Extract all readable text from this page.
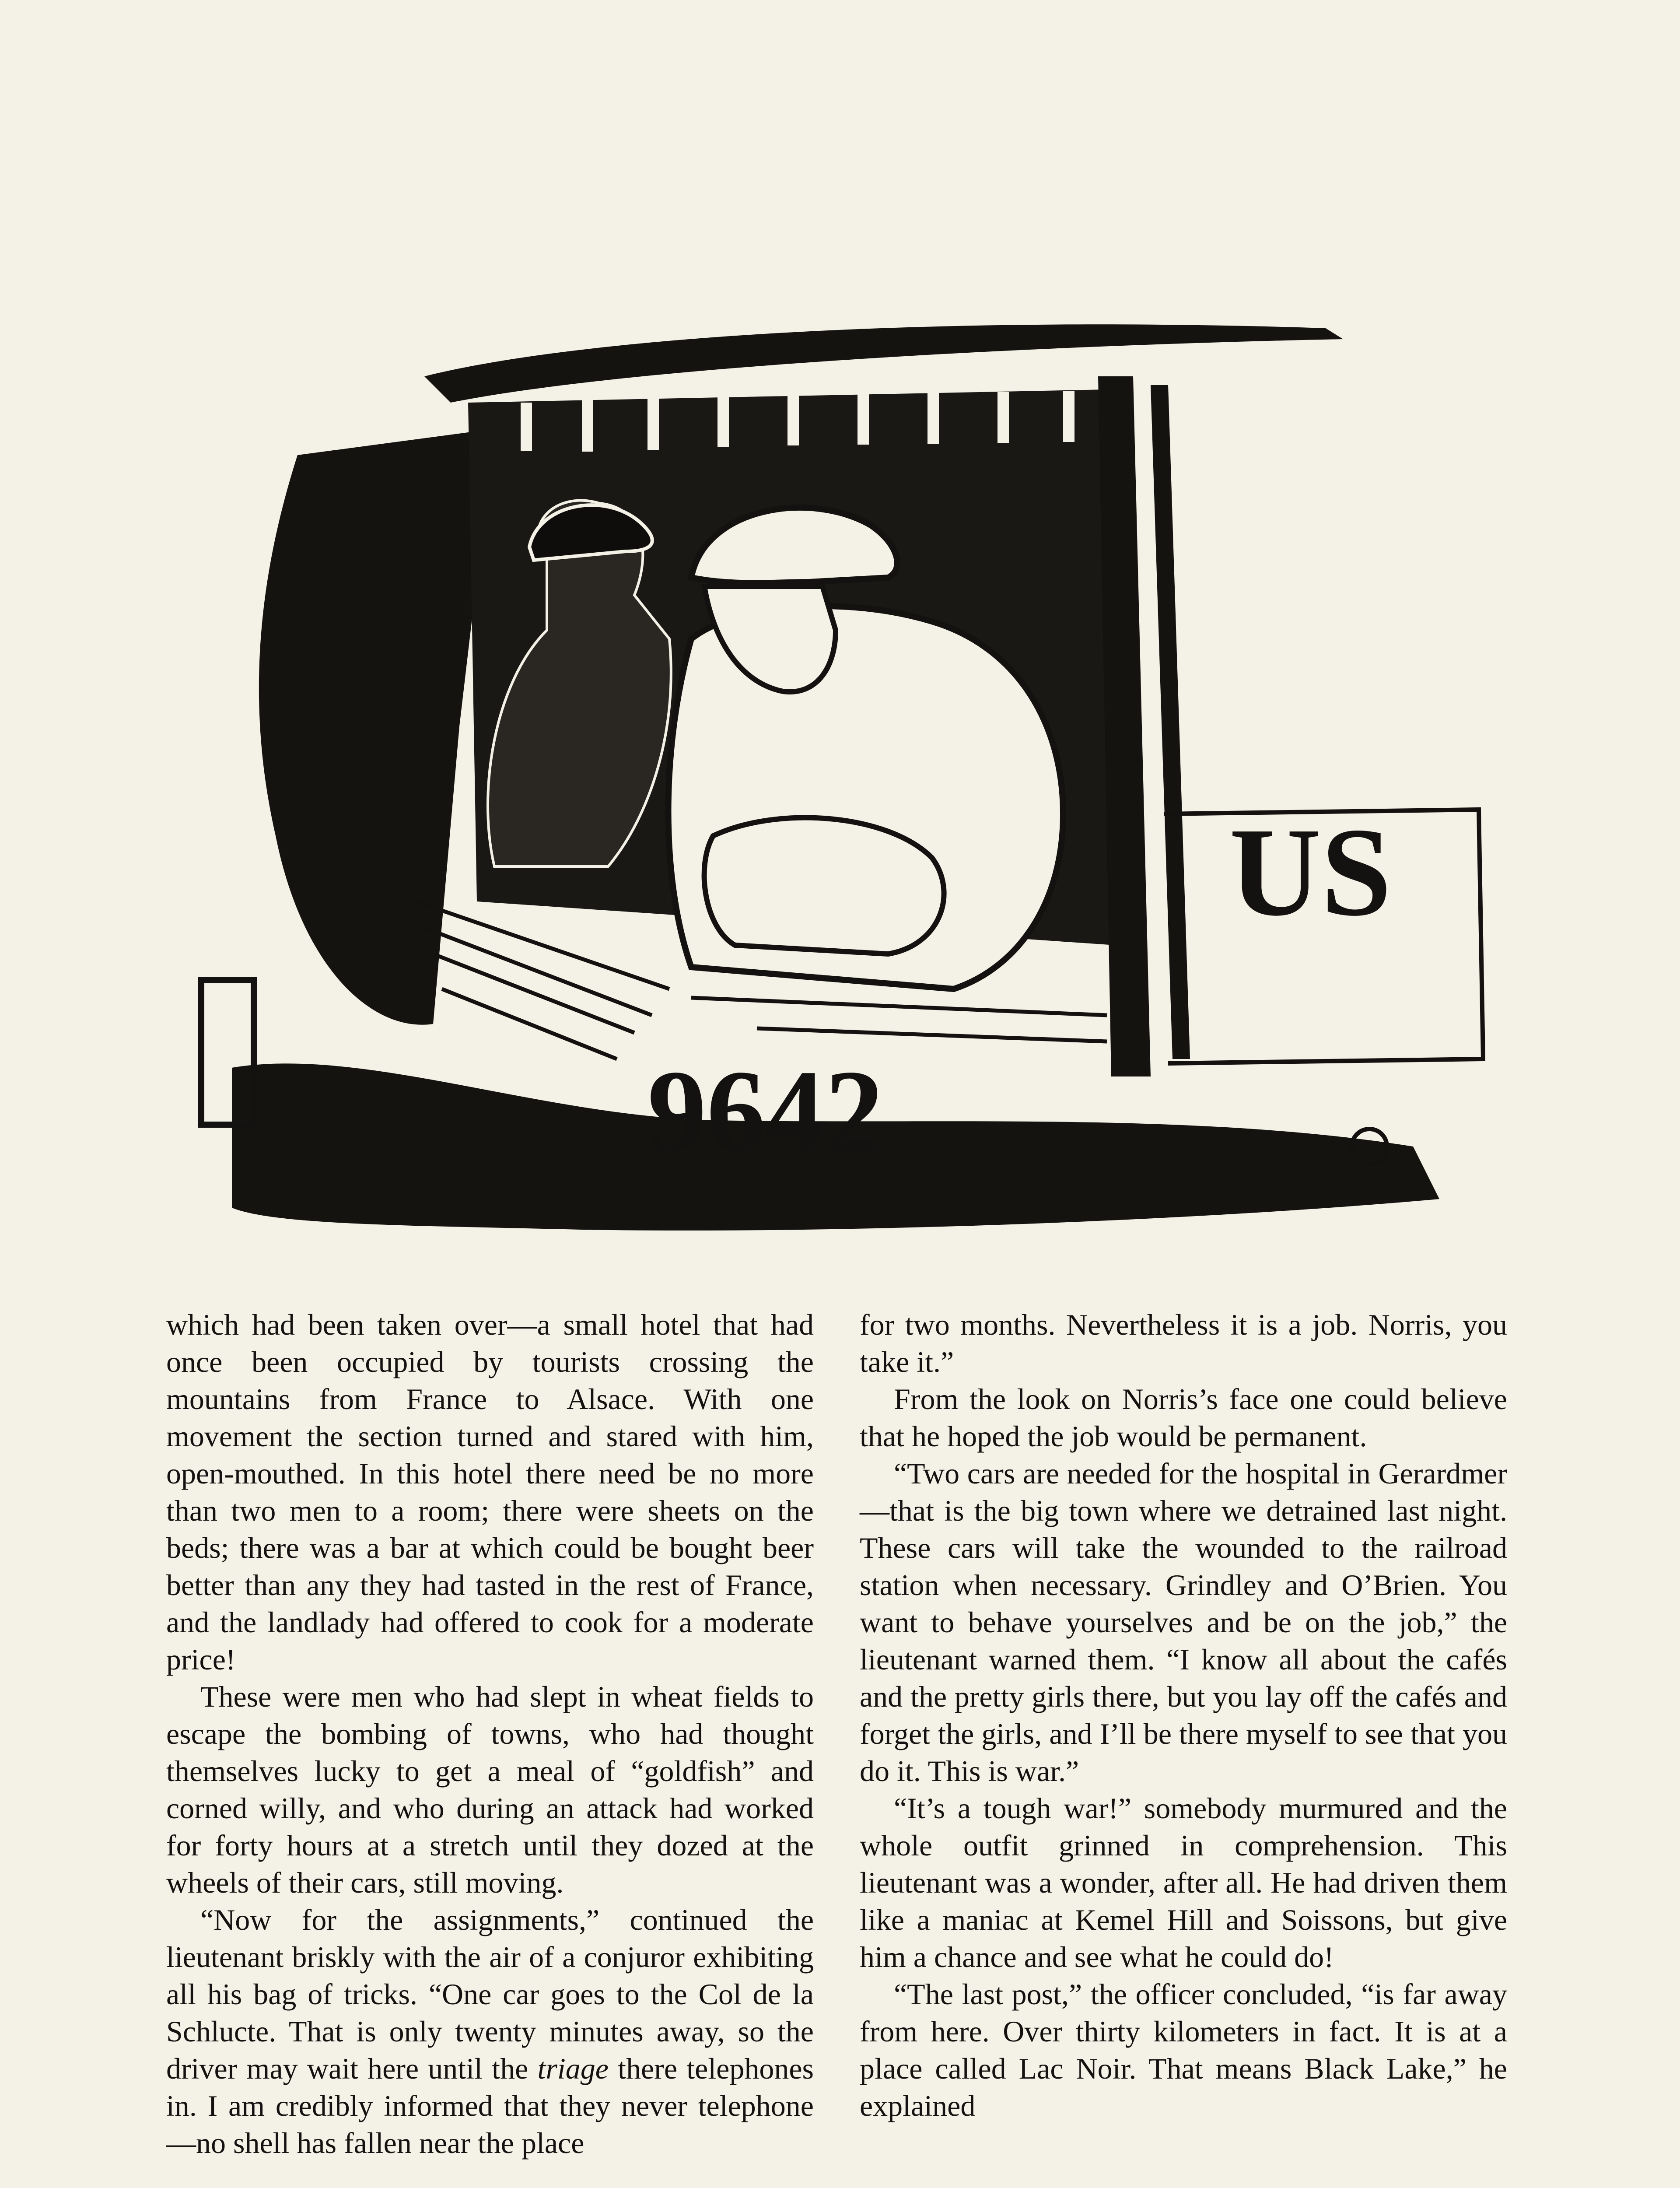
US
9642

which had been taken over—a small hotel that had once been occupied by tourists crossing the mountains from France to Alsace. With one movement the section turned and stared with him, open-mouthed. In this hotel there need be no more than two men to a room; there were sheets on the beds; there was a bar at which could be bought beer better than any they had tasted in the rest of France, and the landlady had offered to cook for a moderate price!

These were men who had slept in wheat fields to escape the bombing of towns, who had thought themselves lucky to get a meal of “goldfish” and corned willy, and who during an attack had worked for forty hours at a stretch until they dozed at the wheels of their cars, still moving.

“Now for the assignments,” continued the lieutenant briskly with the air of a conjuror exhibiting all his bag of tricks. “One car goes to the Col de la Schlucte. That is only twenty minutes away, so the driver may wait here until the triage there telephones in. I am credibly informed that they never telephone—no shell has fallen near the place

for two months. Nevertheless it is a job. Norris, you take it.”

From the look on Norris’s face one could believe that he hoped the job would be permanent.

“Two cars are needed for the hospital in Gerardmer—that is the big town where we detrained last night. These cars will take the wounded to the railroad station when necessary. Grindley and O’Brien. You want to behave yourselves and be on the job,” the lieutenant warned them. “I know all about the cafés and the pretty girls there, but you lay off the cafés and forget the girls, and I’ll be there myself to see that you do it. This is war.”

“It’s a tough war!” somebody murmured and the whole outfit grinned in comprehension. This lieutenant was a wonder, after all. He had driven them like a maniac at Kemel Hill and Soissons, but give him a chance and see what he could do!

“The last post,” the officer concluded, “is far away from here. Over thirty kilometers in fact. It is at a place called Lac Noir. That means Black Lake,” he explained
